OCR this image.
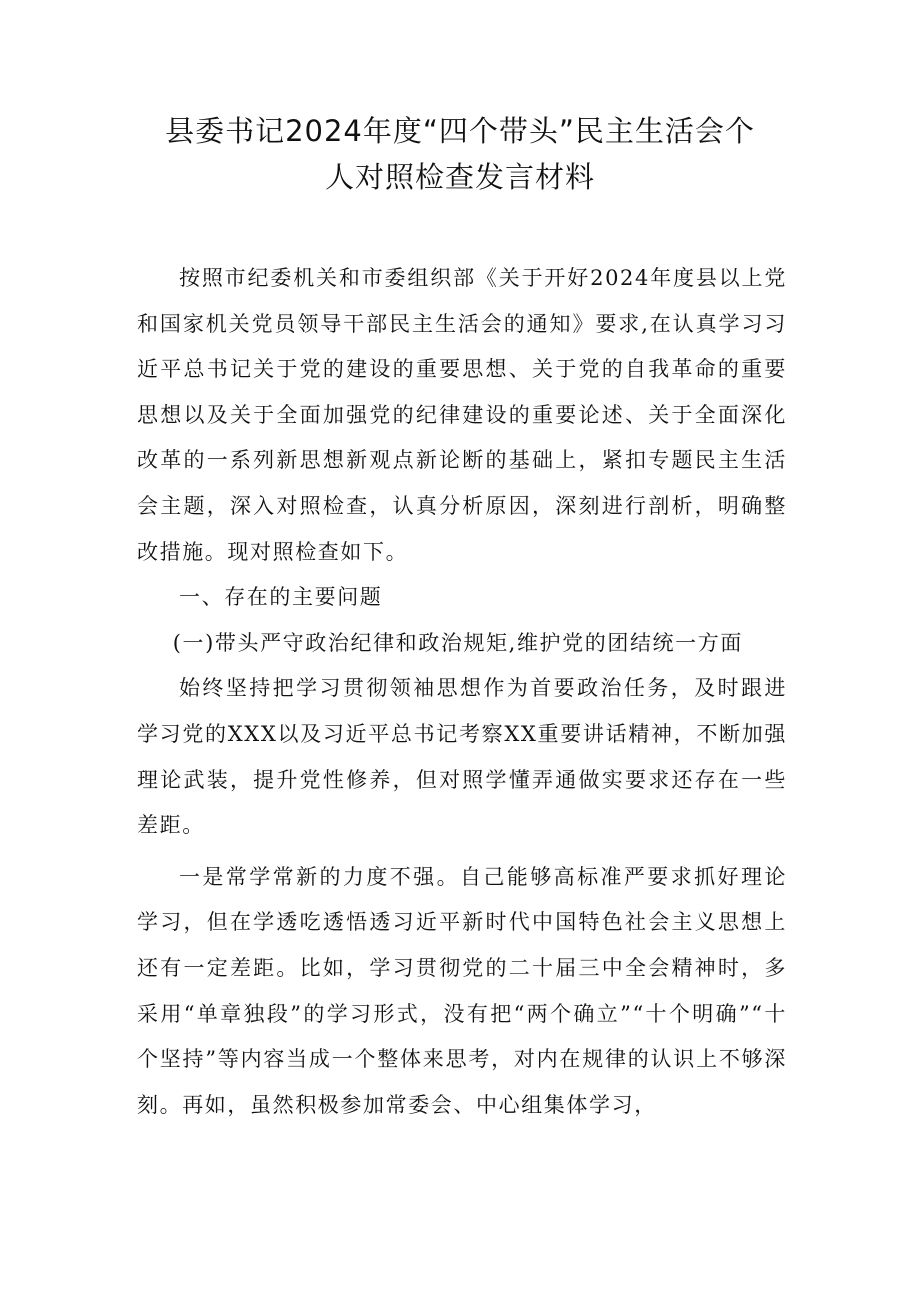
县委书记2024年度“四个带头”民主生活会个
人对照检查发言材料

按照市纪委机关和市委组织部《关于开好2024年度县以上党和国家机关党员领导干部民主生活会的通知》要求,在认真学习习近平总书记关于党的建设的重要思想、关于党的自我革命的重要思想以及关于全面加强党的纪律建设的重要论述、关于全面深化改革的一系列新思想新观点新论断的基础上，紧扣专题民主生活会主题，深入对照检查，认真分析原因，深刻进行剖析，明确整改措施。现对照检查如下。

一、存在的主要问题

(一)带头严守政治纪律和政治规矩,维护党的团结统一方面

始终坚持把学习贯彻领袖思想作为首要政治任务，及时跟进学习党的XXX以及习近平总书记考察XX重要讲话精神，不断加强理论武装，提升党性修养，但对照学懂弄通做实要求还存在一些差距。

一是常学常新的力度不强。自己能够高标准严要求抓好理论学习，但在学透吃透悟透习近平新时代中国特色社会主义思想上还有一定差距。比如，学习贯彻党的二十届三中全会精神时，多采用“单章独段”的学习形式，没有把“两个确立”“十个明确”“十个坚持”等内容当成一个整体来思考，对内在规律的认识上不够深刻。再如，虽然积极参加常委会、中心组集体学习，
